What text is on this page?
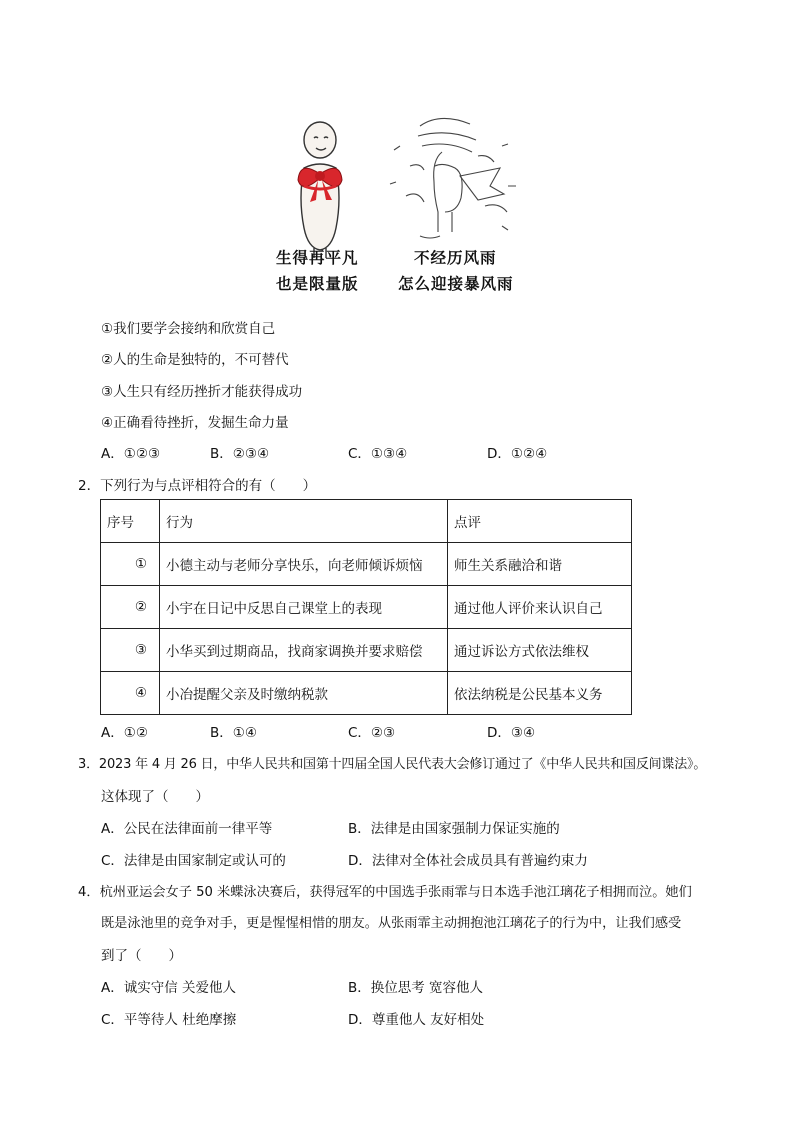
生得再平凡
也是限量版
不经历风雨
怎么迎接暴风雨
①我们要学会接纳和欣赏自己
②人的生命是独特的，不可替代
③人生只有经历挫折才能获得成功
④正确看待挫折，发掘生命力量
A．①②③	B．②③④	C．①③④	D．①②④
2．下列行为与点评相符合的有（　　）
序号	行为	点评
①	小德主动与老师分享快乐，向老师倾诉烦恼	师生关系融洽和谐
②	小宇在日记中反思自己课堂上的表现	通过他人评价来认识自己
③	小华买到过期商品，找商家调换并要求赔偿	通过诉讼方式依法维权
④	小冶提醒父亲及时缴纳税款	依法纳税是公民基本义务
A．①②	B．①④	C．②③	D．③④
3．2023 年 4 月 26 日，中华人民共和国第十四届全国人民代表大会修订通过了《中华人民共和国反间谍法》。
这体现了（　　）
A．公民在法律面前一律平等	B．法律是由国家强制力保证实施的
C．法律是由国家制定或认可的	D．法律对全体社会成员具有普遍约束力
4．杭州亚运会女子 50 米蝶泳决赛后，获得冠军的中国选手张雨霏与日本选手池江璃花子相拥而泣。她们
既是泳池里的竞争对手，更是惺惺相惜的朋友。从张雨霏主动拥抱池江璃花子的行为中，让我们感受
到了（　　）
A．诚实守信 关爱他人	B．换位思考 宽容他人
C．平等待人 杜绝摩擦	D．尊重他人 友好相处
